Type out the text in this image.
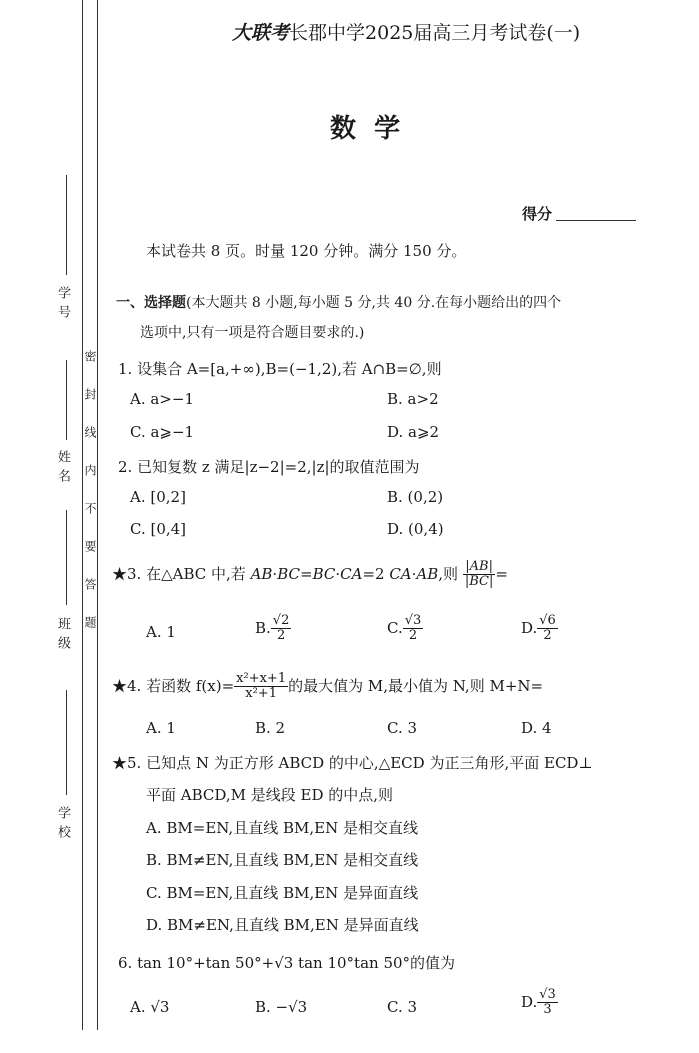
学号
姓名
班级
学校
密封线内不要答题
大联考长郡中学2025届高三月考试卷(一)
数  学
得分
本试卷共 8 页。时量 120 分钟。满分 150 分。
一、选择题(本大题共 8 小题,每小题 5 分,共 40 分.在每小题给出的四个
选项中,只有一项是符合题目要求的.)
1. 设集合 A=[a,+∞),B=(−1,2),若 A∩B=∅,则
A. a>−1	B. a>2
C. a⩾−1	D. a⩾2
2. 已知复数 z 满足|z−2|=2,|z|的取值范围为
A. [0,2]	B. (0,2)
C. [0,4]	D. (0,4)
★3. 在△ABC 中,若 AB·BC=BC·CA=2 CA·AB,则 $\frac{|AB|}{|BC|}$ =
A. 1	B. $\frac{√2}{2}$	C. $\frac{√3}{2}$	D. $\frac{√6}{2}$
★4. 若函数 $f(x)= \frac{\text{x²+x+1}}{\text{x²+1}}$ 的最大值为 M,最小值为 N,则 M+N=
A. 1	B. 2	C. 3	D. 4
★5. 已知点 N 为正方形 ABCD 的中心,△ECD 为正三角形,平面 ECD⊥
平面 ABCD,M 是线段 ED 的中点,则
A. BM=EN,且直线 BM,EN 是相交直线
B. BM≠EN,且直线 BM,EN 是相交直线
C. BM=EN,且直线 BM,EN 是异面直线
D. BM≠EN,且直线 BM,EN 是异面直线
6. tan 10°+tan 50°+√3 tan 10°tan 50°的值为
A. √3	B. −√3	C. 3	D. $\frac{√3}{3}$
